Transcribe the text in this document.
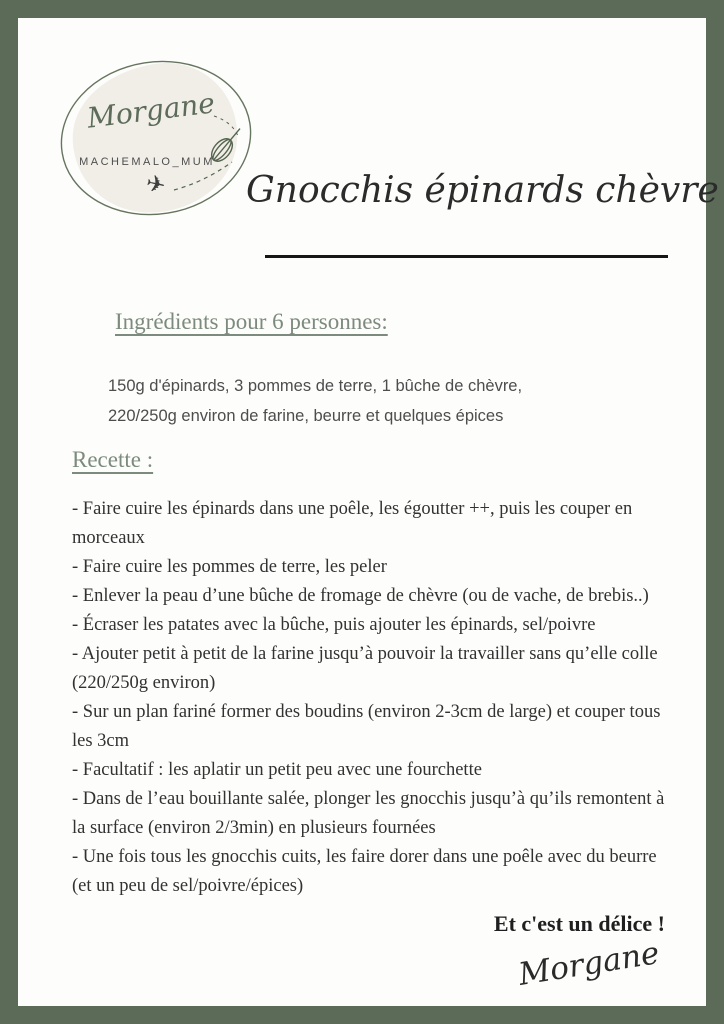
Morgane
MACHEMALO_MUM
✈ Gnocchis épinards chèvre
Ingrédients pour 6 personnes:
150g d'épinards, 3 pommes de terre, 1 bûche de chèvre,
220/250g environ de farine, beurre et quelques épices
Recette :

- Faire cuire les épinards dans une poêle, les égoutter ++, puis les couper en morceaux

- Faire cuire les pommes de terre, les peler

- Enlever la peau d’une bûche de fromage de chèvre (ou de vache, de brebis..)

- Écraser les patates avec la bûche, puis ajouter les épinards, sel/poivre

- Ajouter petit à petit de la farine jusqu’à pouvoir la travailler sans qu’elle colle (220/250g environ)

- Sur un plan fariné former des boudins (environ 2-3cm de large) et couper tous les 3cm

- Facultatif : les aplatir un petit peu avec une fourchette

- Dans de l’eau bouillante salée, plonger les gnocchis jusqu’à qu’ils remontent à la surface (environ 2/3min) en plusieurs fournées

- Une fois tous les gnocchis cuits, les faire dorer dans une poêle avec du beurre (et un peu de sel/poivre/épices)

Et c'est un délice !
Morgane
